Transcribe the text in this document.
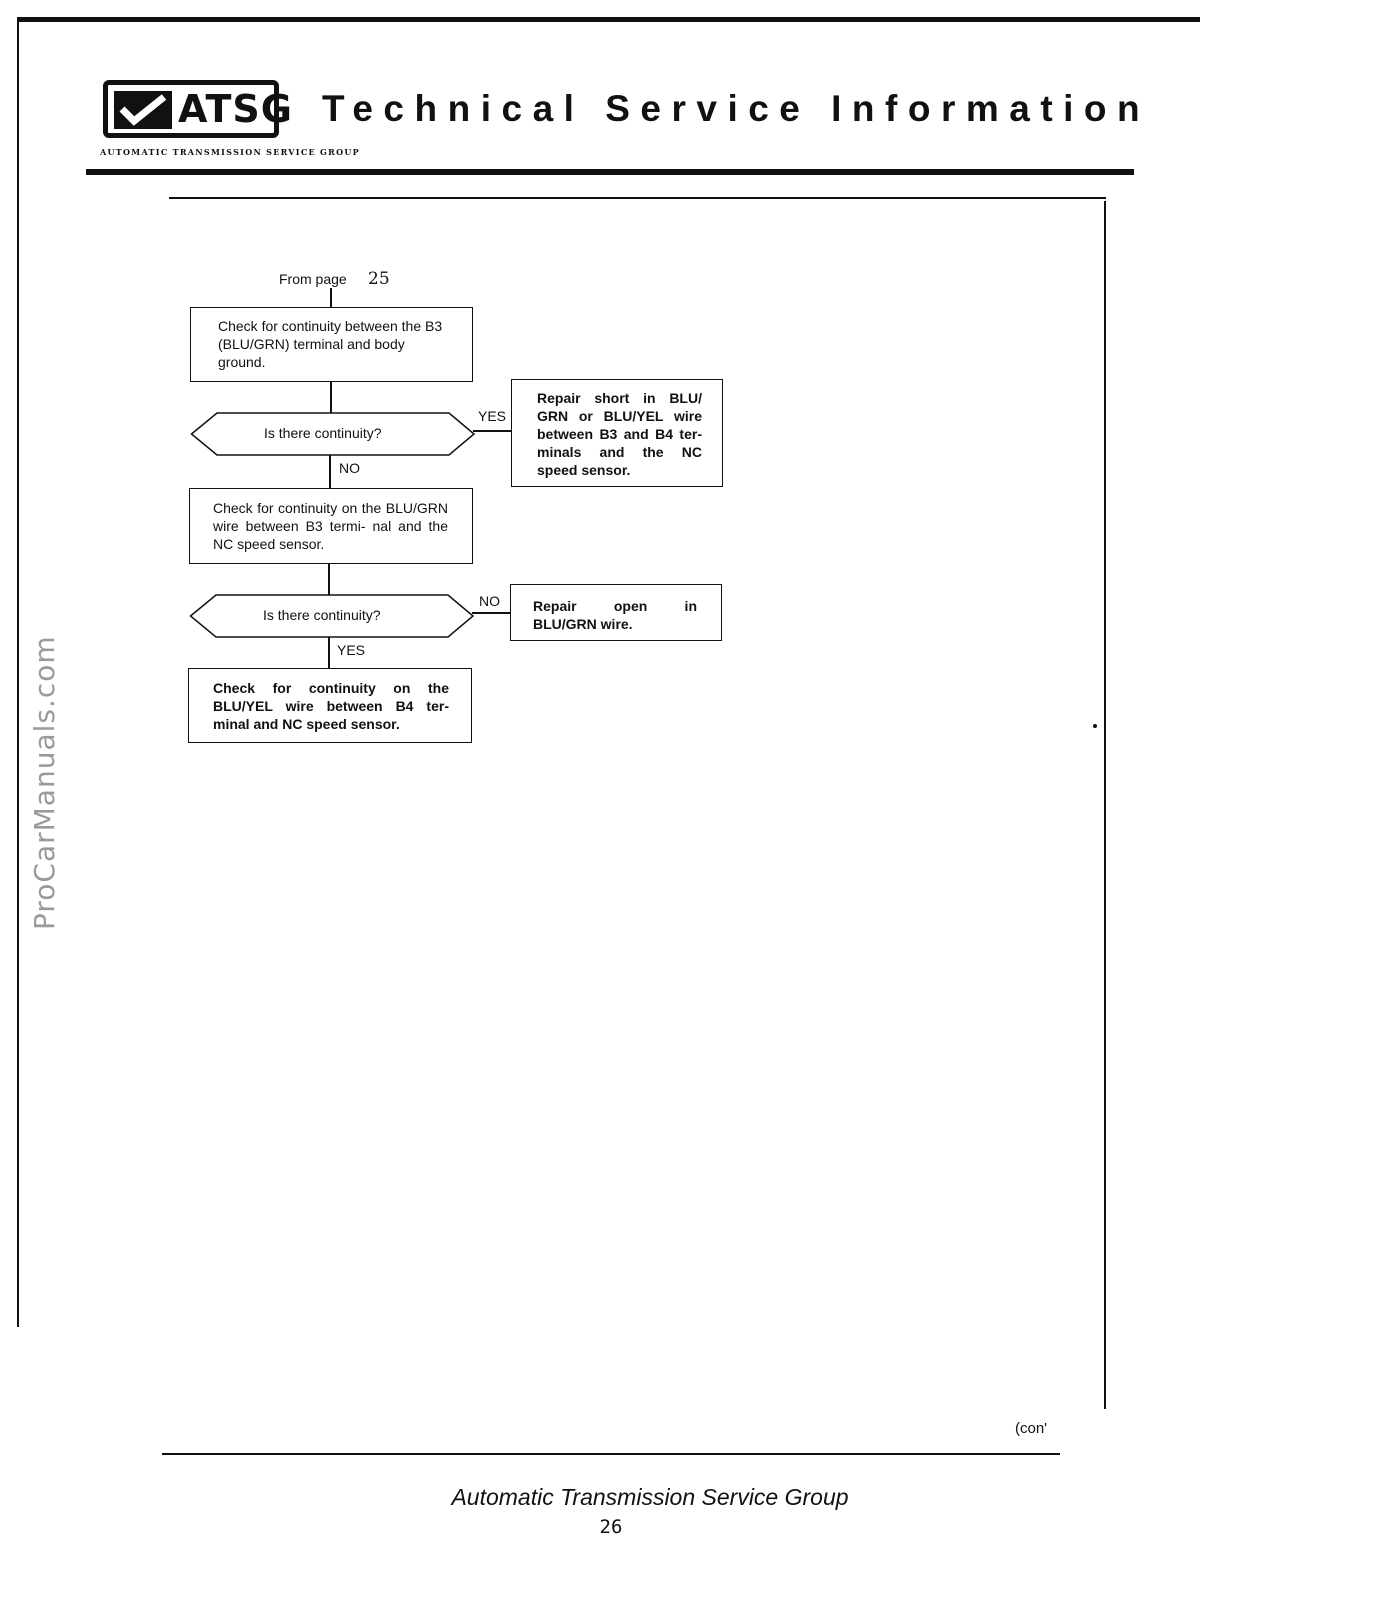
ATSG
AUTOMATIC TRANSMISSION SERVICE GROUP
Technical Service Information
From page 25
Check for continuity between the B3 (BLU/GRN) terminal and body ground.
Is there continuity?
YES
Repair short in BLU/ GRN or BLU/YEL wire between B3 and B4 ter- minals and the NC speed sensor.
NO
Check for continuity on the BLU/GRN wire between B3 termi- nal and the NC speed sensor.
Is there continuity?
NO Repair open in BLU/GRN wire.
YES
Check for continuity on the BLU/YEL wire between B4 ter- minal and NC speed sensor.
ProCarManuals.com
(con'
Automatic Transmission Service Group
26
